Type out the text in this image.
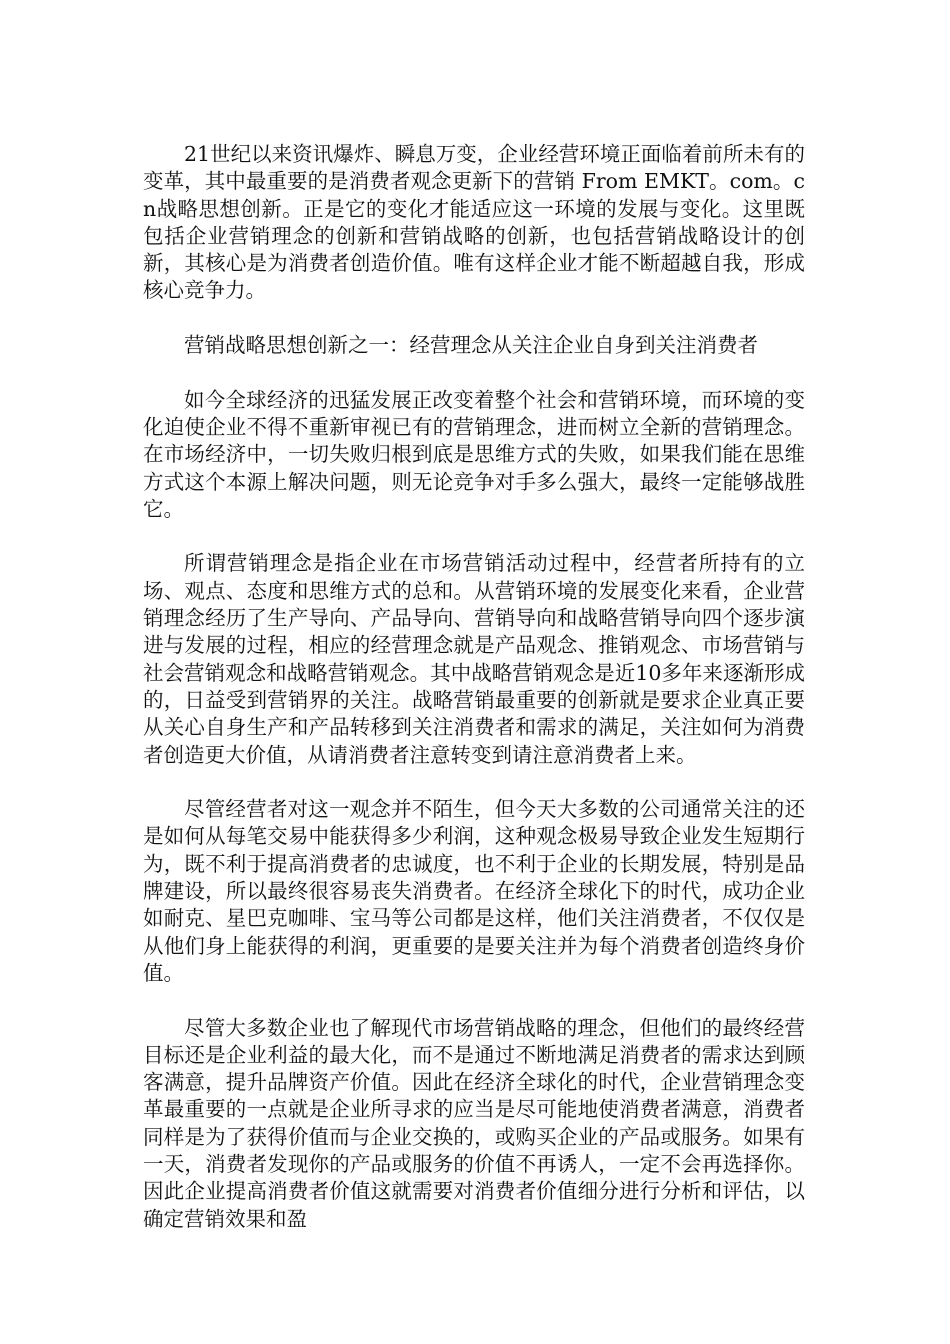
21世纪以来资讯爆炸、瞬息万变，企业经营环境正面临着前所未有的变革，其中最重要的是消费者观念更新下的营销 From EMKT。com。cn战略思想创新。正是它的变化才能适应这一环境的发展与变化。这里既包括企业营销理念的创新和营销战略的创新，也包括营销战略设计的创新，其核心是为消费者创造价值。唯有这样企业才能不断超越自我，形成核心竞争力。

营销战略思想创新之一：经营理念从关注企业自身到关注消费者

如今全球经济的迅猛发展正改变着整个社会和营销环境，而环境的变化迫使企业不得不重新审视已有的营销理念，进而树立全新的营销理念。在市场经济中，一切失败归根到底是思维方式的失败，如果我们能在思维方式这个本源上解决问题，则无论竞争对手多么强大，最终一定能够战胜它。

所谓营销理念是指企业在市场营销活动过程中，经营者所持有的立场、观点、态度和思维方式的总和。从营销环境的发展变化来看，企业营销理念经历了生产导向、产品导向、营销导向和战略营销导向四个逐步演进与发展的过程，相应的经营理念就是产品观念、推销观念、市场营销与社会营销观念和战略营销观念。其中战略营销观念是近10多年来逐渐形成的，日益受到营销界的关注。战略营销最重要的创新就是要求企业真正要从关心自身生产和产品转移到关注消费者和需求的满足，关注如何为消费者创造更大价值，从请消费者注意转变到请注意消费者上来。

尽管经营者对这一观念并不陌生，但今天大多数的公司通常关注的还是如何从每笔交易中能获得多少利润，这种观念极易导致企业发生短期行为，既不利于提高消费者的忠诚度，也不利于企业的长期发展，特别是品牌建设，所以最终很容易丧失消费者。在经济全球化下的时代，成功企业如耐克、星巴克咖啡、宝马等公司都是这样，他们关注消费者，不仅仅是从他们身上能获得的利润，更重要的是要关注并为每个消费者创造终身价值。

尽管大多数企业也了解现代市场营销战略的理念，但他们的最终经营目标还是企业利益的最大化，而不是通过不断地满足消费者的需求达到顾客满意，提升品牌资产价值。因此在经济全球化的时代，企业营销理念变革最重要的一点就是企业所寻求的应当是尽可能地使消费者满意，消费者同样是为了获得价值而与企业交换的，或购买企业的产品或服务。如果有一天，消费者发现你的产品或服务的价值不再诱人，一定不会再选择你。因此企业提高消费者价值这就需要对消费者价值细分进行分析和评估，以确定营销效果和盈
